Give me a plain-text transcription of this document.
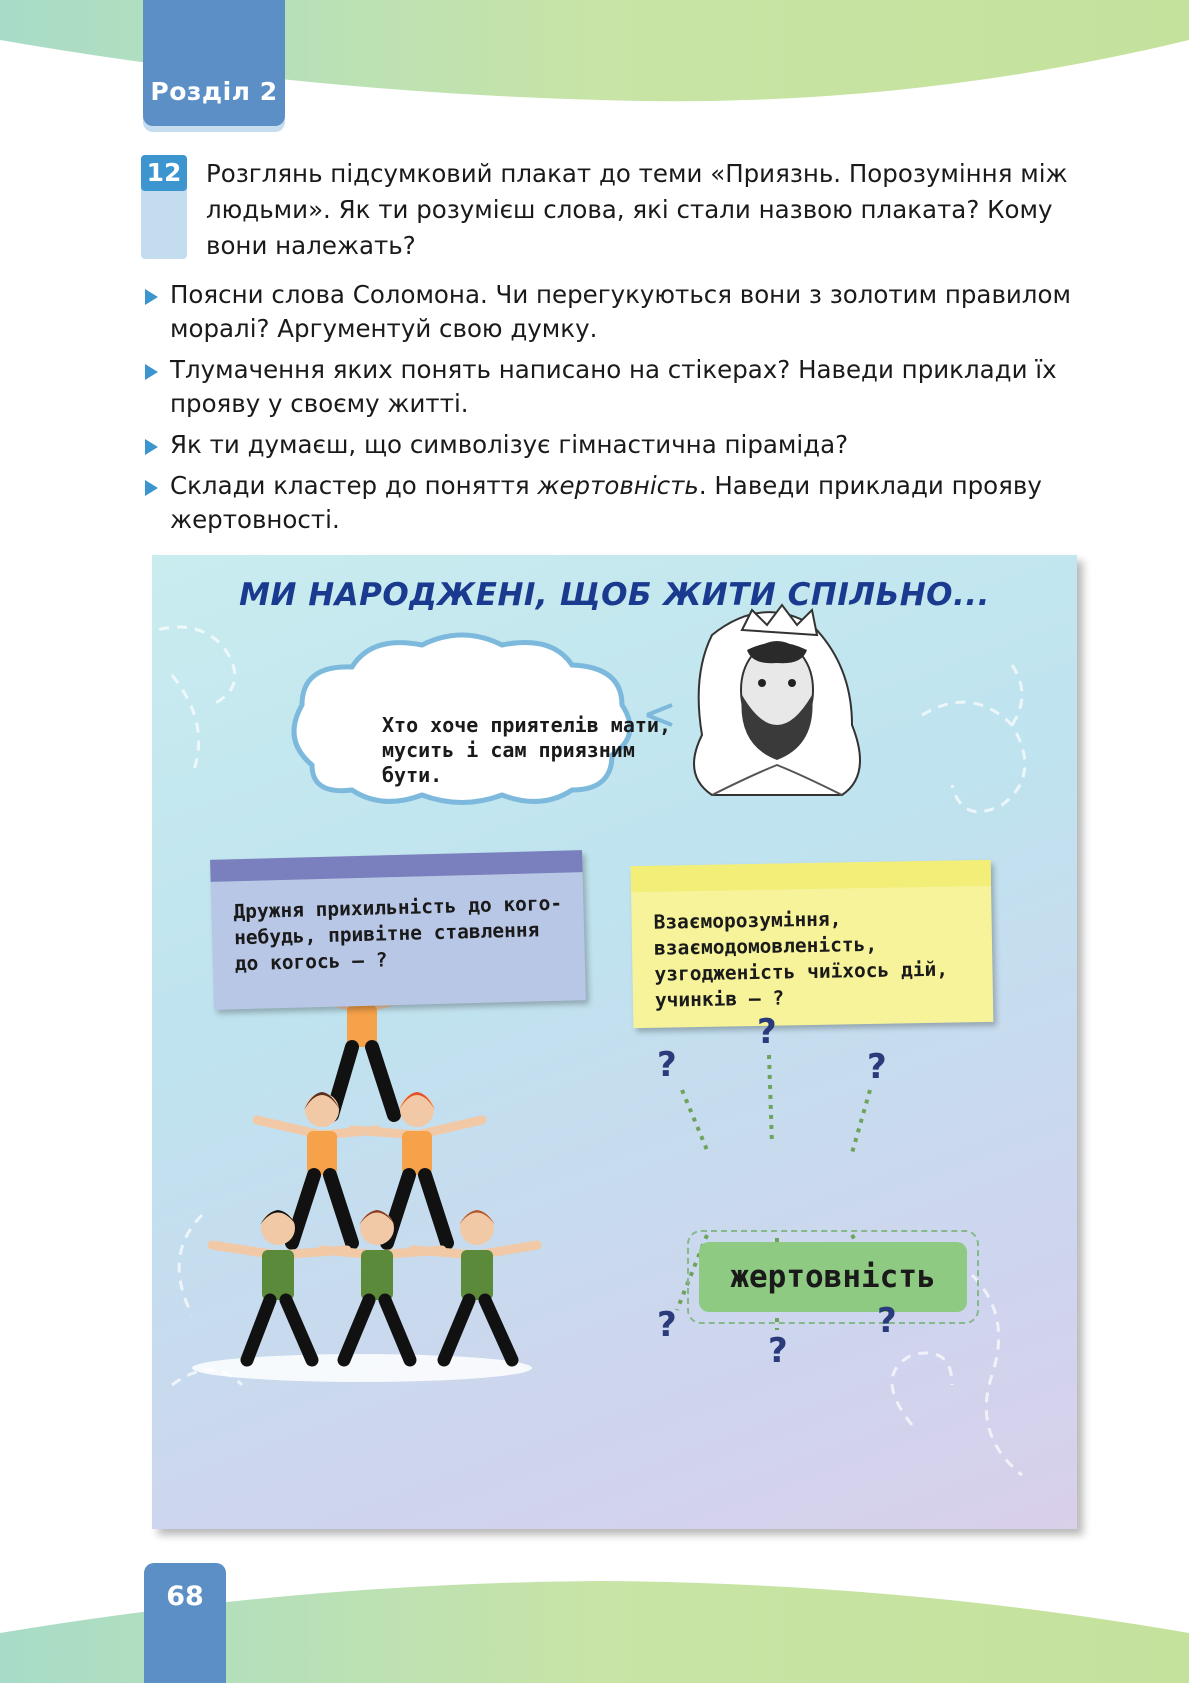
Розділ 2
12 Розглянь підсумковий плакат до теми «Приязнь. Порозуміння між людьми». Як ти розумієш слова, які стали назвою плаката? Кому вони належать?

Поясни слова Соломона. Чи перегукуються вони з золотим правилом моралі? Аргументуй свою думку.
Тлумачення яких понять написано на стікерах? Наведи приклади їх прояву у своєму житті.
Як ти думаєш, що символізує гімнастична піраміда?
Склади кластер до поняття жертовність. Наведи приклади прояву жертовності.
МИ НАРОДЖЕНІ, ЩОБ ЖИТИ СПІЛЬНО...
Хто хоче приятелів мати, мусить і сам приязним бути.
Дружня прихильність до кого-небудь, привітне ставлення до когось — ?
Взаєморозуміння, взаємодомовленість, узгодженість чиїхось дій, учинків — ?
жертовність
?
?
?
?
?
?
68
